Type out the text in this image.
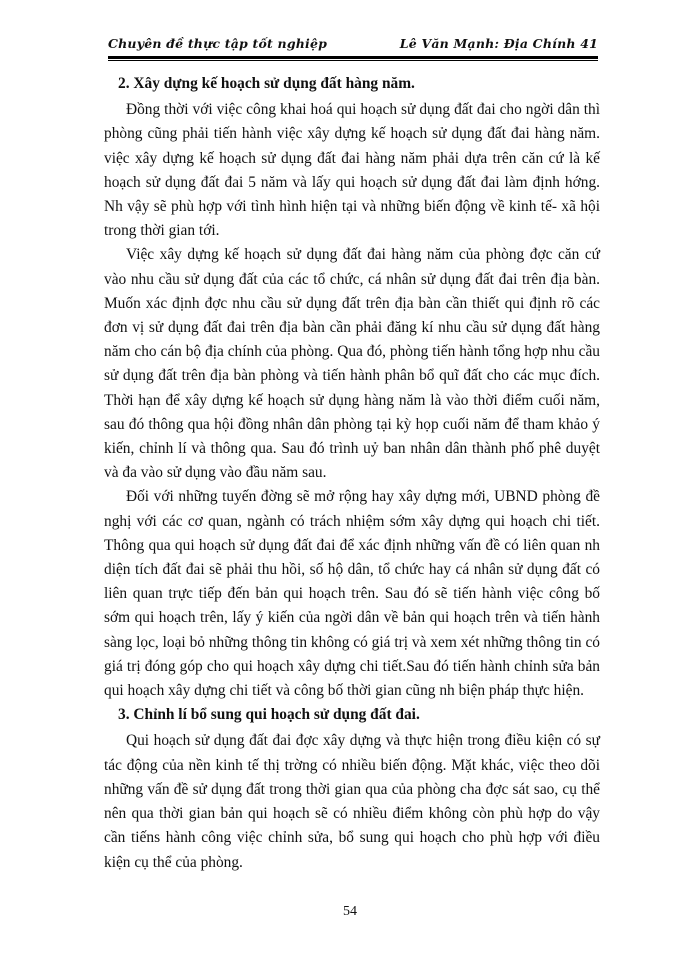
Chuyên đề thực tập tốt nghiệp	Lê Văn Mạnh: Địa Chính 41

2. Xây dựng kế hoạch sử dụng đất hàng năm.

Đồng thời với việc công khai hoá qui hoạch sử dụng đất đai cho ngời dân thì phòng cũng phải tiến hành việc xây dựng kế hoạch sử dụng đất đai hàng năm. việc xây dựng kế hoạch sử dụng đất đai hàng năm phải dựa trên căn cứ là kế hoạch sử dụng đất đai 5 năm và lấy qui hoạch sử dụng đất đai làm định hớng. Nh vậy sẽ phù hợp với tình hình hiện tại và những biến động về kinh tế- xã hội trong thời gian tới.

Việc xây dựng kế hoạch sử dụng đất đai hàng năm của phòng đợc căn cứ vào nhu cầu sử dụng đất của các tổ chức, cá nhân sử dụng đất đai trên địa bàn. Muốn xác định đợc nhu cầu sử dụng đất trên địa bàn cần thiết qui định rõ các đơn vị sử dụng đất đai trên địa bàn cần phải đăng kí nhu cầu sử dụng đất hàng năm cho cán bộ địa chính của phòng. Qua đó, phòng tiến hành tổng hợp nhu cầu sử dụng đất trên địa bàn phòng và tiến hành phân bổ quĩ đất cho các mục đích. Thời hạn để xây dựng kế hoạch sử dụng hàng năm là vào thời điểm cuối năm, sau đó thông qua hội đồng nhân dân phòng tại kỳ họp cuối năm để tham khảo ý kiến, chỉnh lí và thông qua. Sau đó trình uỷ ban nhân dân thành phố phê duyệt và đa vào sử dụng vào đầu năm sau.

Đối với những tuyến đờng sẽ mở rộng hay xây dựng mới, UBND phòng đề nghị với các cơ quan, ngành có trách nhiệm sớm xây dựng qui hoạch chi tiết. Thông qua qui hoạch sử dụng đất đai để xác định những vấn đề có liên quan nh diện tích đất đai sẽ phải thu hồi, số hộ dân, tổ chức hay cá nhân sử dụng đất có liên quan trực tiếp đến bản qui hoạch trên. Sau đó sẽ tiến hành việc công bố sớm qui hoạch trên, lấy ý kiến của ngời dân về bản qui hoạch trên và tiến hành sàng lọc, loại bỏ những thông tin không có giá trị và xem xét những thông tin có giá trị đóng góp cho qui hoạch xây dựng chi tiết.Sau đó tiến hành chỉnh sửa bản qui hoạch xây dựng chi tiết và công bố thời gian cũng nh biện pháp thực hiện.

3. Chỉnh lí bổ sung qui hoạch sử dụng đất đai.

Qui hoạch sử dụng đất đai đợc xây dựng và thực hiện trong điều kiện có sự tác động của nền kinh tế thị trờng có nhiều biến động. Mặt khác, việc theo dõi những vấn đề sử dụng đất trong thời gian qua của phòng cha đợc sát sao, cụ thể nên qua thời gian bản qui hoạch sẽ có nhiều điểm không còn phù hợp do vậy cần tiếns hành công việc chỉnh sửa, bổ sung qui hoạch cho phù hợp với điều kiện cụ thể của phòng.

54
